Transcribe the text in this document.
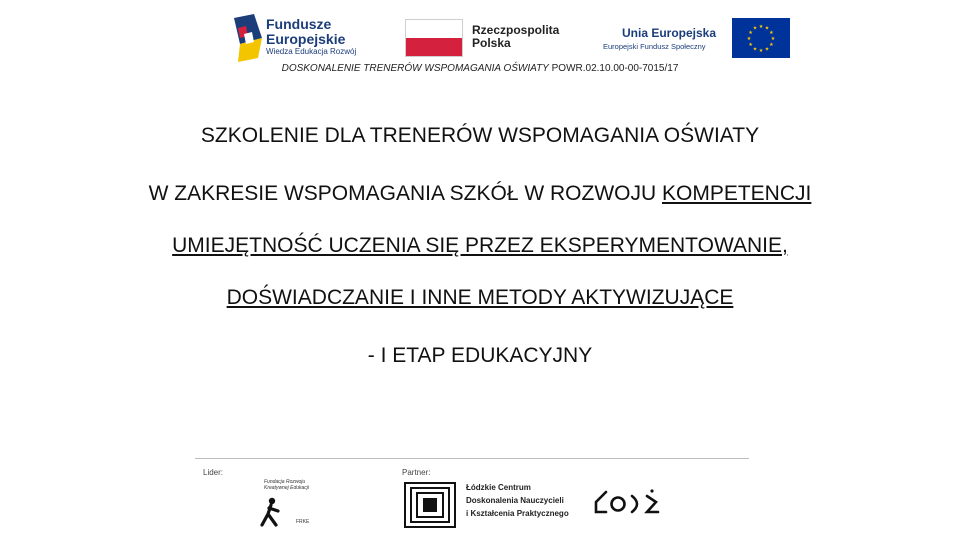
Fundusze
Europejskie
Wiedza Edukacja Rozwój
Rzeczpospolita
Polska
Unia Europejska
Europejski Fundusz Społeczny
★ ★
★
★
★
★
★
★
★
★
★
★
DOSKONALENIE TRENERÓW WSPOMAGANIA OŚWIATY POWR.02.10.00-00-7015/17
SZKOLENIE DLA TRENERÓW WSPOMAGANIA OŚWIATY
W ZAKRESIE WSPOMAGANIA SZKÓŁ W ROZWOJU KOMPETENCJI
UMIEJĘTNOŚĆ UCZENIA SIĘ PRZEZ EKSPERYMENTOWANIE,
DOŚWIADCZANIE I INNE METODY AKTYWIZUJĄCE
- I ETAP EDUKACYJNY
Lider:	Partner:
Fundacja Rozwoju Kreatywnej Edukacji
FRKE
Łódzkie Centrum
Doskonalenia Nauczycieli
i Kształcenia Praktycznego
